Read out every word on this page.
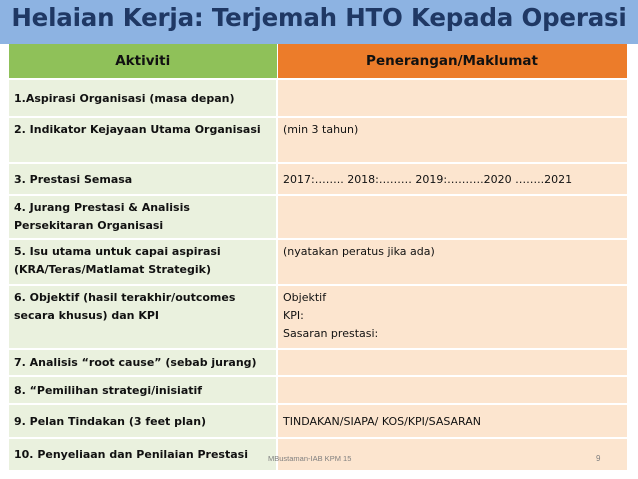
Helaian Kerja: Terjemah HTO Kepada Operasi
Aktiviti	Penerangan/Maklumat
1.Aspirasi Organisasi (masa depan)	
2. Indikator Kejayaan Utama Organisasi	(min 3 tahun)
3. Prestasi Semasa	2017:…….. 2018:……… 2019:……….2020 ……..2021
4. Jurang Prestasi & Analisis Persekitaran Organisasi	
5. Isu utama untuk capai aspirasi (KRA/Teras/Matlamat Strategik)	(nyatakan peratus jika ada)
6. Objektif (hasil terakhir/outcomes secara khusus) dan KPI	Objektif
KPI:
Sasaran prestasi:

7. Analisis “root cause” (sebab jurang)	
8. “Pemilihan strategi/inisiatif	
9. Pelan Tindakan (3 feet plan)	TINDAKAN/SIAPA/ KOS/KPI/SASARAN
10. Penyeliaan dan Penilaian Prestasi		MBustaman-IAB KPM 15	9
